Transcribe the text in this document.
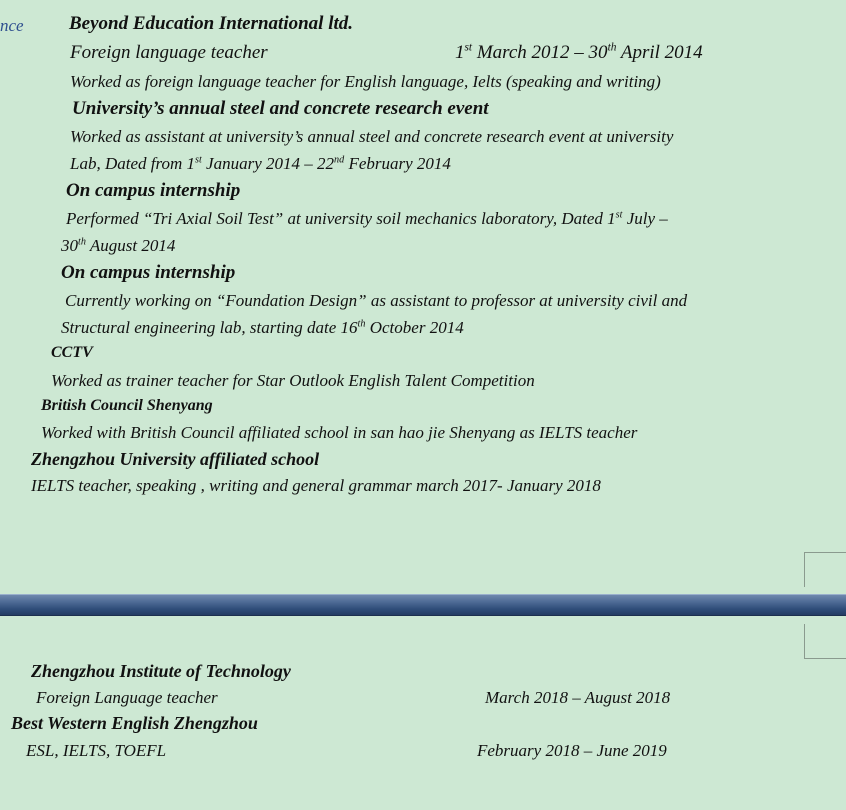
nce Beyond Education International ltd.
Foreign language teacher	1st March 2012 – 30th April 2014
Worked as foreign language teacher for English language, Ielts (speaking and writing)
University’s annual steel and concrete research event
Worked as assistant at university’s annual steel and concrete research event at university
Lab, Dated from 1st January 2014 – 22nd February 2014
On campus internship
Performed “Tri Axial Soil Test” at university soil mechanics laboratory, Dated 1st July –
30th August 2014
On campus internship
Currently working on “Foundation Design” as assistant to professor at university civil and
Structural engineering lab, starting date 16th October 2014
CCTV
Worked as trainer teacher for Star Outlook English Talent Competition
British Council Shenyang
Worked with British Council affiliated school in san hao jie Shenyang as IELTS teacher
Zhengzhou University affiliated school
IELTS teacher, speaking , writing and general grammar march 2017- January 2018
Zhengzhou Institute of Technology
Foreign Language teacher	March 2018 – August 2018
Best Western English Zhengzhou
ESL, IELTS, TOEFL	February 2018 – June 2019
